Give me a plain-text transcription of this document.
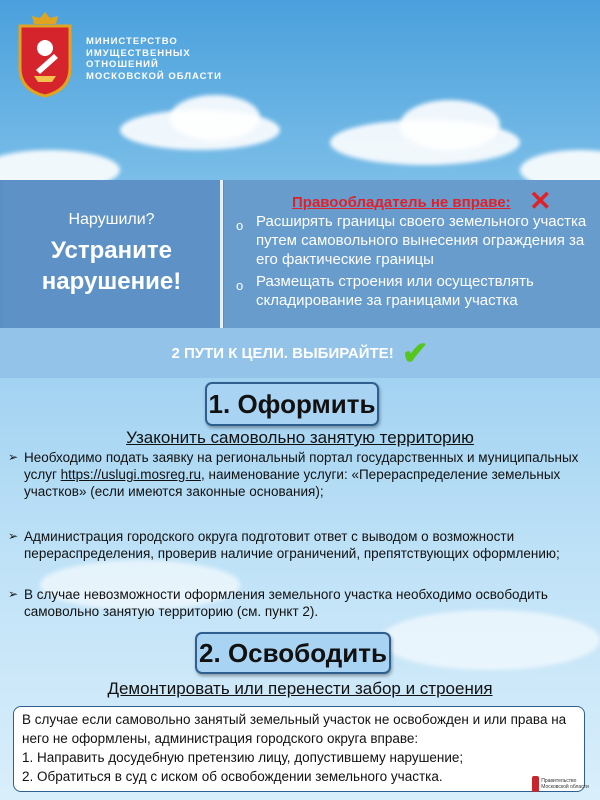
МИНИСТЕРСТВО
ИМУЩЕСТВЕННЫХ
ОТНОШЕНИЙ
МОСКОВСКОЙ ОБЛАСТИ
Нарушили?
Устраните
нарушение!
Правообладатель не вправе: ✕
o Расширять границы своего земельного участка путем самовольного вынесения ограждения за его фактические границы
o Размещать строения или осуществлять складирование за границами участка
2 ПУТИ К ЦЕЛИ. ВЫБИРАЙТЕ! ✔
1. Оформить
Узаконить самовольно занятую территорию
➢ Необходимо подать заявку на региональный портал государственных и муниципальных услуг https://uslugi.mosreg.ru, наименование услуги: «Перераспределение земельных участков» (если имеются законные основания);
➢ Администрация городского округа подготовит ответ с выводом о возможности перераспределения, проверив наличие ограничений, препятствующих оформлению;
➢ В случае невозможности оформления земельного участка необходимо освободить самовольно занятую территорию (см. пункт 2).
2. Освободить
Демонтировать или перенести забор и строения
В случае если самовольно занятый земельный участок не освобожден и или права на него не оформлены, администрация городского округа вправе:
1. Направить досудебную претензию лицу, допустившему нарушение;
2. Обратиться в суд с иском об освобождении земельного участка.	Правительство Московской области
